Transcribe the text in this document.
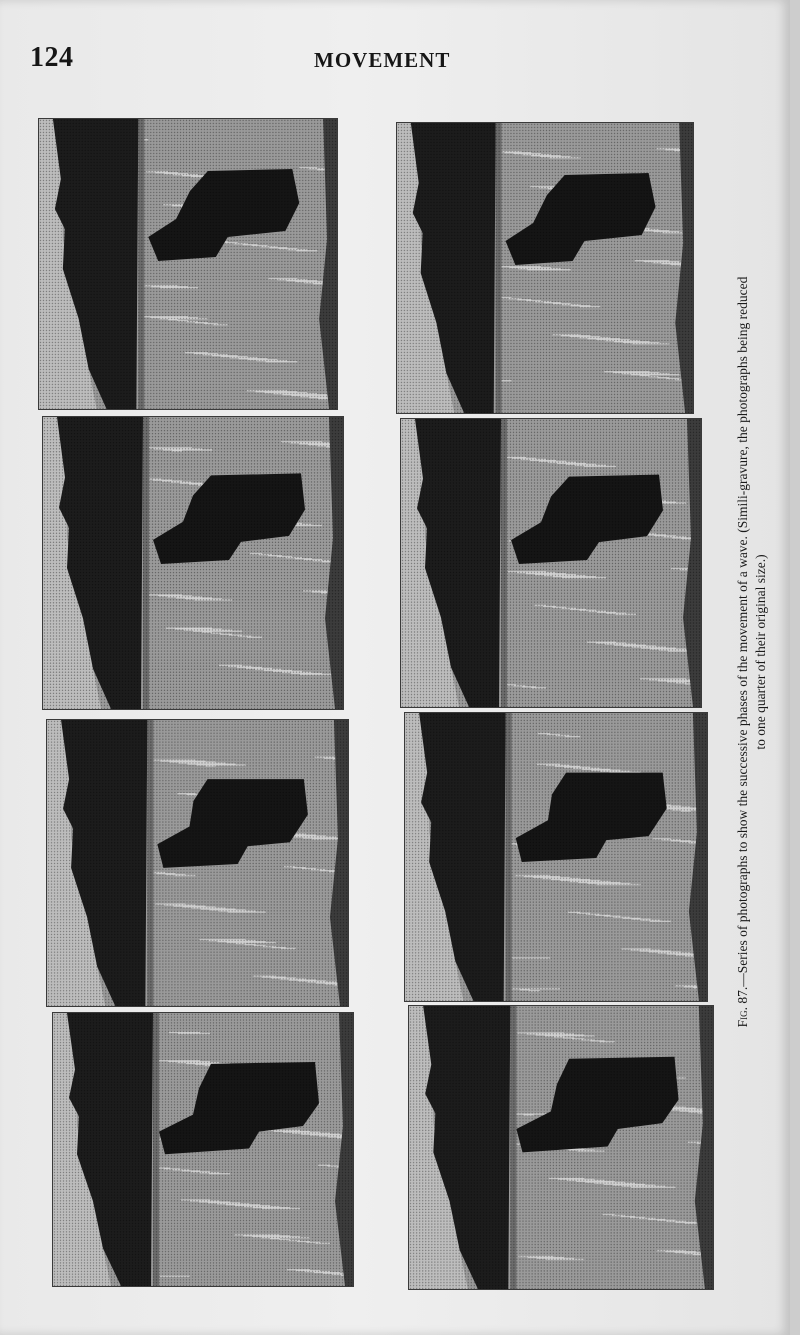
124	MOVEMENT

Fig. 87.—Series of photographs to show the successive phases of the movement of a wave. (Simili-gravure, the photographs being reduced to one quarter of their original size.)
